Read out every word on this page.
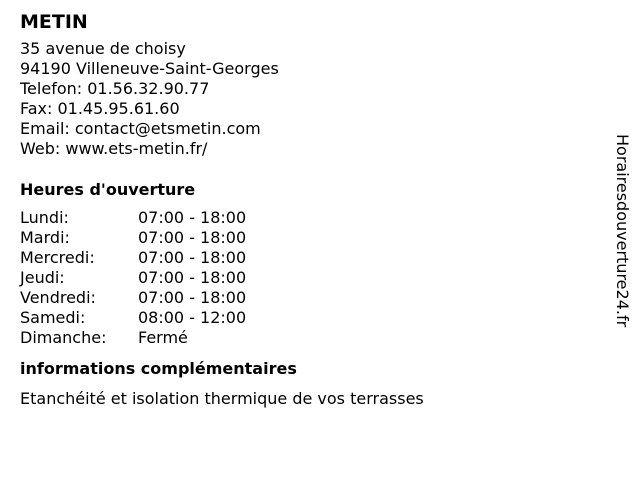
METIN
35 avenue de choisy
94190 Villeneuve-Saint-Georges
Telefon: 01.56.32.90.77
Fax: 01.45.95.61.60
Email: contact@etsmetin.com
Web: www.ets-metin.fr/
Heures d'ouverture
Lundi:	07:00 - 18:00
Mardi:	07:00 - 18:00
Mercredi:	07:00 - 18:00
Jeudi:	07:00 - 18:00
Vendredi:	07:00 - 18:00
Samedi:	08:00 - 12:00
Dimanche:	Fermé
informations complémentaires
Etanchéité et isolation thermique de vos terrasses
Horairesdouverture24.fr
